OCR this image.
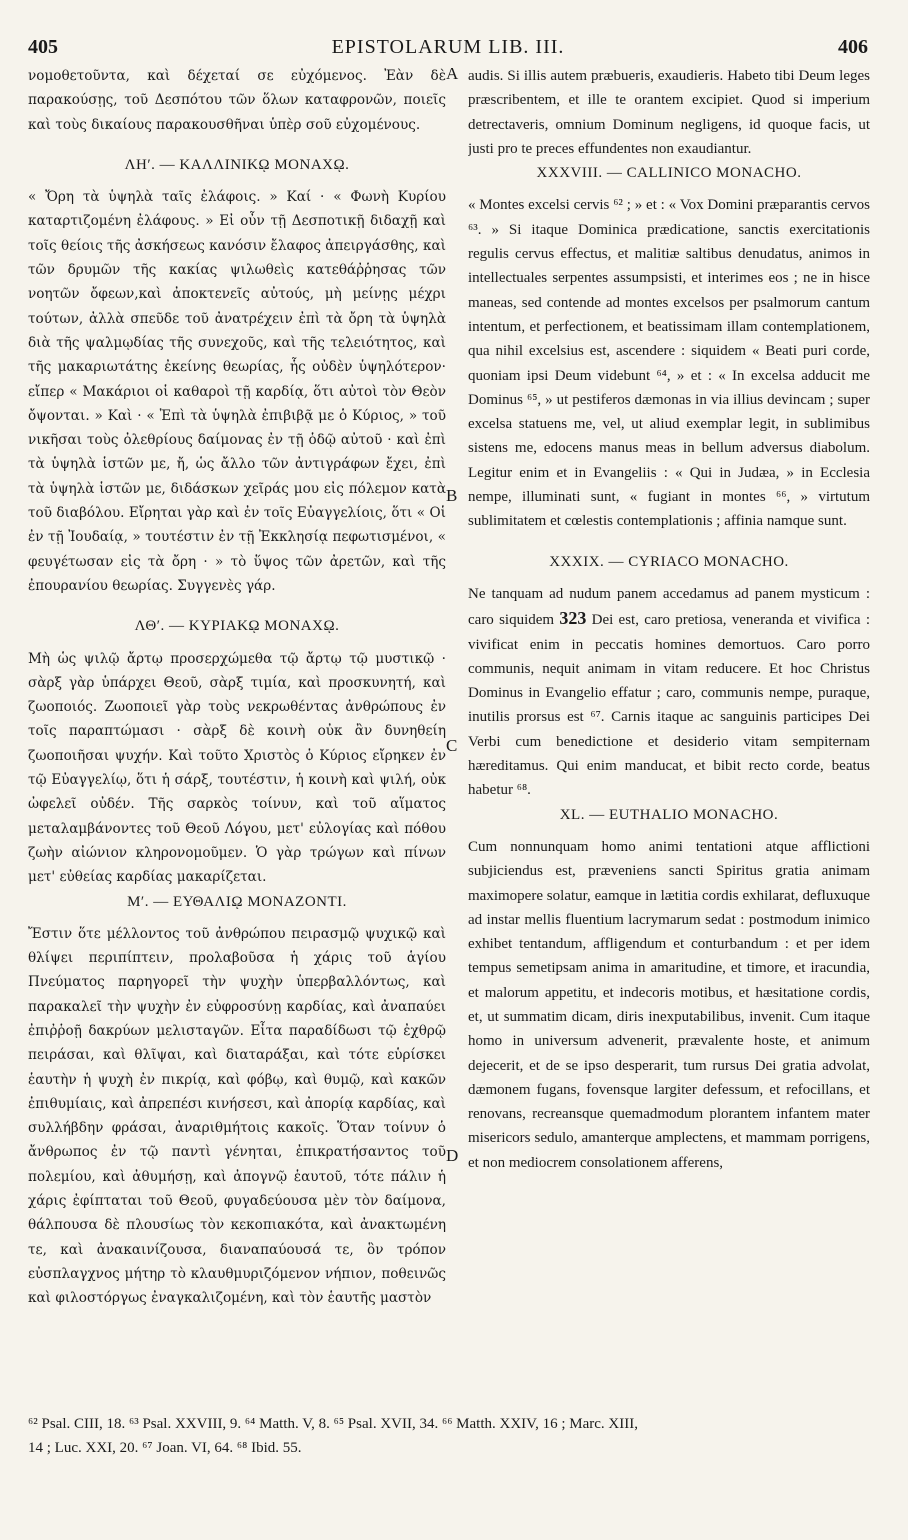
405	EPISTOLARUM LIB. III.	406
A
B
C
D

νομοθετοῦντα, καὶ δέχεταί σε εὐχόμενος. Ἐὰν δὲ παρακούσῃς, τοῦ Δεσπότου τῶν ὅλων καταφρονῶν, ποιεῖς καὶ τοὺς δικαίους παρακουσθῆναι ὑπὲρ σοῦ εὐχομένους.

ΛΗʹ. — ΚΑΛΛΙΝΙΚῼ ΜΟΝΑΧῼ.

« Ὄρη τὰ ὑψηλὰ ταῖς ἐλάφοις. » Καί · « Φωνὴ Κυρίου καταρτιζομένη ἐλάφους. » Εἰ οὖν τῇ Δεσποτικῇ διδαχῇ καὶ τοῖς θείοις τῆς ἀσκήσεως κανόσιν ἔλαφος ἀπειργάσθης, καὶ τῶν δρυμῶν τῆς κακίας ψιλωθεὶς κατεθάῤῥησας τῶν νοητῶν ὄφεων,καὶ ἀποκτενεῖς αὐτούς, μὴ μείνῃς μέχρι τούτων, ἀλλὰ σπεῦδε τοῦ ἀνατρέχειν ἐπὶ τὰ ὄρη τὰ ὑψηλὰ διὰ τῆς ψαλμῳδίας τῆς συνεχοῦς, καὶ τῆς τελειότητος, καὶ τῆς μακαριωτάτης ἐκείνης θεωρίας, ἧς οὐδὲν ὑψηλότερον· εἴπερ « Μακάριοι οἱ καθαροὶ τῇ καρδίᾳ, ὅτι αὐτοὶ τὸν Θεὸν ὄψονται. » Καὶ · « Ἐπὶ τὰ ὑψηλὰ ἐπιβιβᾷ με ὁ Κύριος, » τοῦ νικῆσαι τοὺς ὀλεθρίους δαίμονας ἐν τῇ ὁδῷ αὐτοῦ · καὶ ἐπὶ τὰ ὑψηλὰ ἱστῶν με, ἤ, ὡς ἄλλο τῶν ἀντιγράφων ἔχει, ἐπὶ τὰ ὑψηλὰ ἱστῶν με, διδάσκων χεῖράς μου εἰς πόλεμον κατὰ τοῦ διαβόλου. Εἴρηται γὰρ καὶ ἐν τοῖς Εὐαγγελίοις, ὅτι « Οἱ ἐν τῇ Ἰουδαίᾳ, » τουτέστιν ἐν τῇ Ἐκκλησίᾳ πεφωτισμένοι, « φευγέτωσαν εἰς τὰ ὄρη · » τὸ ὕψος τῶν ἀρετῶν, καὶ τῆς ἐπουρανίου θεωρίας. Συγγενὲς γάρ.

ΛΘʹ. — ΚΥΡΙΑΚῼ ΜΟΝΑΧῼ.

Μὴ ὡς ψιλῷ ἄρτῳ προσερχώμεθα τῷ ἄρτῳ τῷ μυστικῷ · σὰρξ γὰρ ὑπάρχει Θεοῦ, σὰρξ τιμία, καὶ προσκυνητή, καὶ ζωοποιός. Ζωοποιεῖ γὰρ τοὺς νεκρωθέντας ἀνθρώπους ἐν τοῖς παραπτώμασι · σὰρξ δὲ κοινὴ οὐκ ἂν δυνηθείη ζωοποιῆσαι ψυχήν. Καὶ τοῦτο Χριστὸς ὁ Κύριος εἴρηκεν ἐν τῷ Εὐαγγελίῳ, ὅτι ἡ σάρξ, τουτέστιν, ἡ κοινὴ καὶ ψιλή, οὐκ ὠφελεῖ οὐδέν. Τῆς σαρκὸς τοίνυν, καὶ τοῦ αἵματος μεταλαμβάνοντες τοῦ Θεοῦ Λόγου, μετ' εὐλογίας καὶ πόθου ζωὴν αἰώνιον κληρονομοῦμεν. Ὁ γὰρ τρώγων καὶ πίνων μετ' εὐθείας καρδίας μακαρίζεται.

Μʹ. — ΕΥΘΑΛΙῼ ΜΟΝΑΖΟΝΤΙ.

Ἔστιν ὅτε μέλλοντος τοῦ ἀνθρώπου πειρασμῷ ψυχικῷ καὶ θλίψει περιπίπτειν, προλαβοῦσα ἡ χάρις τοῦ ἁγίου Πνεύματος παρηγορεῖ τὴν ψυχὴν ὑπερβαλλόντως, καὶ παρακαλεῖ τὴν ψυχὴν ἐν εὐφροσύνῃ καρδίας, καὶ ἀναπαύει ἐπιῤῥοῇ δακρύων μελισταγῶν. Εἶτα παραδίδωσι τῷ ἐχθρῷ πειράσαι, καὶ θλῖψαι, καὶ διαταράξαι, καὶ τότε εὑρίσκει ἑαυτὴν ἡ ψυχὴ ἐν πικρίᾳ, καὶ φόβῳ, καὶ θυμῷ, καὶ κακῶν ἐπιθυμίαις, καὶ ἀπρεπέσι κινήσεσι, καὶ ἀπορίᾳ καρδίας, καὶ συλλήβδην φράσαι, ἀναριθμήτοις κακοῖς. Ὅταν τοίνυν ὁ ἄνθρωπος ἐν τῷ παντὶ γένηται, ἐπικρατήσαντος τοῦ πολεμίου, καὶ ἀθυμήσῃ, καὶ ἀπογνῷ ἑαυτοῦ, τότε πάλιν ἡ χάρις ἐφίπταται τοῦ Θεοῦ, φυγαδεύουσα μὲν τὸν δαίμονα, θάλπουσα δὲ πλουσίως τὸν κεκοπιακότα, καὶ ἀνακτωμένη τε, καὶ ἀνακαινίζουσα, διαναπαύουσά τε, ὃν τρόπον εὐσπλαγχνος μήτηρ τὸ κλαυθμυριζόμενον νήπιον, ποθεινῶς καὶ φιλοστόργως ἐναγκαλιζομένη, καὶ τὸν ἑαυτῆς μαστὸν

audis. Si illis autem præbueris, exaudieris. Habeto tibi Deum leges præscribentem, et ille te orantem excipiet. Quod si imperium detrectaveris, omnium Dominum negligens, id quoque facis, ut justi pro te preces effundentes non exaudiantur.

XXXVIII. — CALLINICO MONACHO.

« Montes excelsi cervis ⁶² ; » et : « Vox Domini præparantis cervos ⁶³. » Si itaque Dominica prædicatione, sanctis exercitationis regulis cervus effectus, et malitiæ saltibus denudatus, animos in intellectuales serpentes assumpsisti, et interimes eos ; ne in hisce maneas, sed contende ad montes excelsos per psalmorum cantum intentum, et perfectionem, et beatissimam illam contemplationem, qua nihil excelsius est, ascendere : siquidem « Beati puri corde, quoniam ipsi Deum videbunt ⁶⁴, » et : « In excelsa adducit me Dominus ⁶⁵, » ut pestiferos dæmonas in via illius devincam ; super excelsa statuens me, vel, ut aliud exemplar legit, in sublimibus sistens me, edocens manus meas in bellum adversus diabolum. Legitur enim et in Evangeliis : « Qui in Judæa, » in Ecclesia nempe, illuminati sunt, « fugiant in montes ⁶⁶, » virtutum sublimitatem et cœlestis contemplationis ; affinia namque sunt.

XXXIX. — CYRIACO MONACHO.

Ne tanquam ad nudum panem accedamus ad panem mysticum : caro siquidem 323 Dei est, caro pretiosa, veneranda et vivifica : vivificat enim in peccatis homines demortuos. Caro porro communis, nequit animam in vitam reducere. Et hoc Christus Dominus in Evangelio effatur ; caro, communis nempe, puraque, inutilis prorsus est ⁶⁷. Carnis itaque ac sanguinis participes Dei Verbi cum benedictione et desiderio vitam sempiternam hæreditamus. Qui enim manducat, et bibit recto corde, beatus habetur ⁶⁸.

XL. — EUTHALIO MONACHO.

Cum nonnunquam homo animi tentationi atque afflictioni subjiciendus est, præveniens sancti Spiritus gratia animam maximopere solatur, eamque in lætitia cordis exhilarat, defluxuque ad instar mellis fluentium lacrymarum sedat : postmodum inimico exhibet tentandum, affligendum et conturbandum : et per idem tempus semetipsam anima in amaritudine, et timore, et iracundia, et malorum appetitu, et indecoris motibus, et hæsitatione cordis, et, ut summatim dicam, diris inexputabilibus, invenit. Cum itaque homo in universum advenerit, prævalente hoste, et animum dejecerit, et de se ipso desperarit, tum rursus Dei gratia advolat, dæmonem fugans, fovensque largiter defessum, et refocillans, et renovans, recreansque quemadmodum plorantem infantem mater misericors sedulo, amanterque amplectens, et mammam porrigens, et non mediocrem consolationem afferens,

⁶² Psal. CIII, 18. ⁶³ Psal. XXVIII, 9. ⁶⁴ Matth. V, 8. ⁶⁵ Psal. XVII, 34. ⁶⁶ Matth. XXIV, 16 ; Marc. XIII,
14 ; Luc. XXI, 20. ⁶⁷ Joan. VI, 64. ⁶⁸ Ibid. 55.
